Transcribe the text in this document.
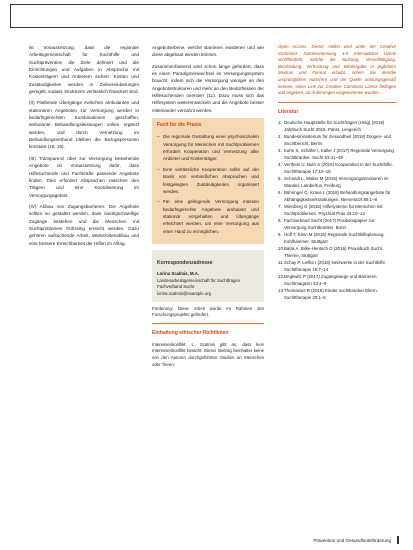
ist Voraussetzung, dass die regionale Arbeitsgemeinschaft für Suchthilfe und Suchtprävention die Ziele definiert und die Einrichtungen und Aufgaben in Absprache mit Kostenträgern und Anbietern sichert. Kosten und Zuständigkeiten werden in Zielvereinbarungen geregelt, sodass Strukturen verlässlich finanziert sind.

(II) Fließende Übergänge zwischen ambulanten und stationären Angeboten zur Versorgung werden in bedarfsgerechten Kombinationen geschaffen, ambulante Behandlungsleistungen sollen ergänzt werden, und durch Vernetzung im Behandlungsverbund bleiben die Bezugspersonen konstant (18, 19).

(III) Transparenz über zur Versorgung bestehende Angebote ist Voraussetzung dafür, dass Hilfesuchende und Fachkräfte passende Angebote finden. Dies erfordert Absprachen zwischen den Trägern und eine Koordinierung im Versorgungsgebiet.

(IV) Abbau von Zugangsbarrieren. Die Angebote sollten so gestaltet werden, dass niedrigschwellige Zugänge bestehen und die Menschen mit Suchtproblemen frühzeitig erreicht werden. Dazu gehören aufsuchende Arbeit, Wartezeitenabbau und eine bessere Erreichbarkeit der Hilfen im Alltag.

Angebotsebene, welche Barrieren existieren und wie diese abgebaut werden können.

Zusammenfassend wird schon lange gefordert, dass es einen Paradigmenwechsel im Versorgungssystem braucht, indem sich die Versorgung weniger an den Angebotsstrukturen und mehr an den Bedürfnissen der Hilfesuchenden orientiert (11). Dazu muss sich das Hilfesystem weiterentwickeln und die Angebote besser miteinander verzahnt werden.

Fazit für die Praxis
– Die regionale Gestaltung einer psychosozialen Versorgung für Menschen mit Suchtproblemen erfordert Kooperation und Vernetzung aller Anbieter und Kostenträger.
– Eine verlässliche Kooperation sollte auf der Basis von verbindlichen Absprachen und festgelegten Zuständigkeiten organisiert werden.
– Für eine gelingende Versorgung müssen bedarfsgerechte Angebote ambulant und stationär vorgehalten und Übergänge erleichtert werden, um eine Versorgung aus einer Hand zu ermöglichen.
Korrespondenzadresse
Lorina Scalmis, M.A.
Landesarbeitsgemeinschaft für Suchtfragen
Fachverband Sucht
lorina.scalmis@example.org

Förderung: Diese Arbeit wurde im Rahmen des Forschungsprojekts gefördert.

Einhaltung ethischer Richtlinien

Interessenkonflikt. L. Scalmis gibt an, dass kein Interessenkonflikt besteht. Dieser Beitrag beinhaltet keine von den Autoren durchgeführten Studien an Menschen oder Tieren.

Open Access. Dieser Artikel wird unter der Creative Commons Namensnennung 4.0 International Lizenz veröffentlicht, welche die Nutzung, Vervielfältigung, Bearbeitung, Verbreitung und Wiedergabe in jeglichem Medium und Format erlaubt, sofern Sie den/die ursprünglichen Autor(en) und die Quelle ordnungsgemäß nennen, einen Link zur Creative Commons Lizenz beifügen und angeben, ob Änderungen vorgenommen wurden.

Literatur
1. Deutsche Hauptstelle für Suchtfragen (Hrsg) (2019) Jahrbuch Sucht 2019. Pabst, Lengerich
2. Bundesministerium für Gesundheit (2018) Drogen- und Suchtbericht. Berlin
3. Kuhn S, Schäfer I, Kalke J (2017) Regionale Versorgung Suchtkranker. Sucht 63:41–49
4. Verthein U, Buth S (2016) Kooperation in der Suchthilfe. Suchttherapie 17:12–18
5. Schmidt L, Walter M (2015) Versorgungsstrukturen im Wandel. Lambertus, Freiburg
6. Bühringer G, Kraus L (2018) Behandlungsangebote für Abhängigkeitserkrankungen. Nervenarzt 89:1–8
7. Wienberg G (2016) Hilfesysteme für Menschen mit Suchtproblemen. Psychiat Prax 43:10–14
8. Fachverband Sucht (2017) Positionspapier zur Versorgung Suchtkranker. Bonn
9. Hoff T, Klein M (2015) Regionale Suchthilfeplanung. Kohlhammer, Stuttgart
10. Batra A, Bilke-Hentsch O (2016) Praxisbuch Sucht. Thieme, Stuttgart
11. Schay P, Liefke I (2018) Netzwerke in der Suchthilfe. Suchttherapie 19:7–14
12. Degkwitz P (2017) Zugangswege und Barrieren. Suchtmagazin 43:4–9
13. Thomasius R (2019) Kinder suchtkranker Eltern. Suchttherapie 20:1–6
Prävention und Gesundheitsförderung
